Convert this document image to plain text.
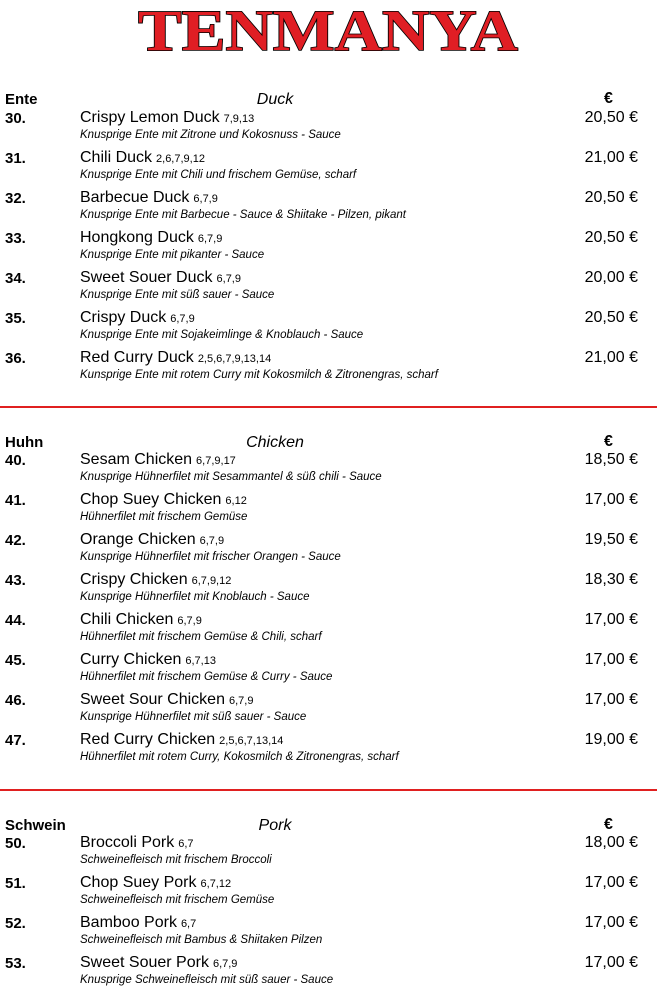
TENMANYA
Ente	Duck	€
30.	Crispy Lemon Duck 7,9,13	20,50 €
Knusprige Ente mit Zitrone und Kokosnuss - Sauce
31.	Chili Duck 2,6,7,9,12	21,00 €
Knusprige Ente mit Chili und frischem Gemüse, scharf
32.	Barbecue Duck 6,7,9	20,50 €
Knusprige Ente mit Barbecue - Sauce & Shiitake - Pilzen, pikant
33.	Hongkong Duck 6,7,9	20,50 €
Knusprige Ente mit pikanter - Sauce
34.	Sweet Souer Duck 6,7,9	20,00 €
Knusprige Ente mit süß sauer - Sauce
35.	Crispy Duck 6,7,9	20,50 €
Knusprige Ente mit Sojakeimlinge & Knoblauch - Sauce
36.	Red Curry Duck 2,5,6,7,9,13,14	21,00 €
Kunsprige Ente mit rotem Curry mit Kokosmilch & Zitronengras, scharf
Huhn	Chicken	€
40.	Sesam Chicken 6,7,9,17	18,50 €
Knusprige Hühnerfilet mit Sesammantel & süß chili - Sauce
41.	Chop Suey Chicken 6,12	17,00 €
Hühnerfilet mit frischem Gemüse
42.	Orange Chicken 6,7,9	19,50 €
Kunsprige Hühnerfilet mit frischer Orangen - Sauce
43.	Crispy Chicken 6,7,9,12	18,30 €
Kunsprige Hühnerfilet mit Knoblauch - Sauce
44.	Chili Chicken 6,7,9	17,00 €
Hühnerfilet mit frischem Gemüse & Chili, scharf
45.	Curry Chicken 6,7,13	17,00 €
Hühnerfilet mit frischem Gemüse & Curry - Sauce
46.	Sweet Sour Chicken 6,7,9	17,00 €
Kunsprige Hühnerfilet mit süß sauer - Sauce
47.	Red Curry Chicken 2,5,6,7,13,14	19,00 €
Hühnerfilet mit rotem Curry, Kokosmilch & Zitronengras, scharf
Schwein	Pork	€
50.	Broccoli Pork 6,7	18,00 €
Schweinefleisch mit frischem Broccoli
51.	Chop Suey Pork 6,7,12	17,00 €
Schweinefleisch mit frischem Gemüse
52.	Bamboo Pork 6,7	17,00 €
Schweinefleisch mit Bambus & Shiitaken Pilzen
53.	Sweet Souer Pork 6,7,9	17,00 €
Knusprige Schweinefleisch mit süß sauer - Sauce
